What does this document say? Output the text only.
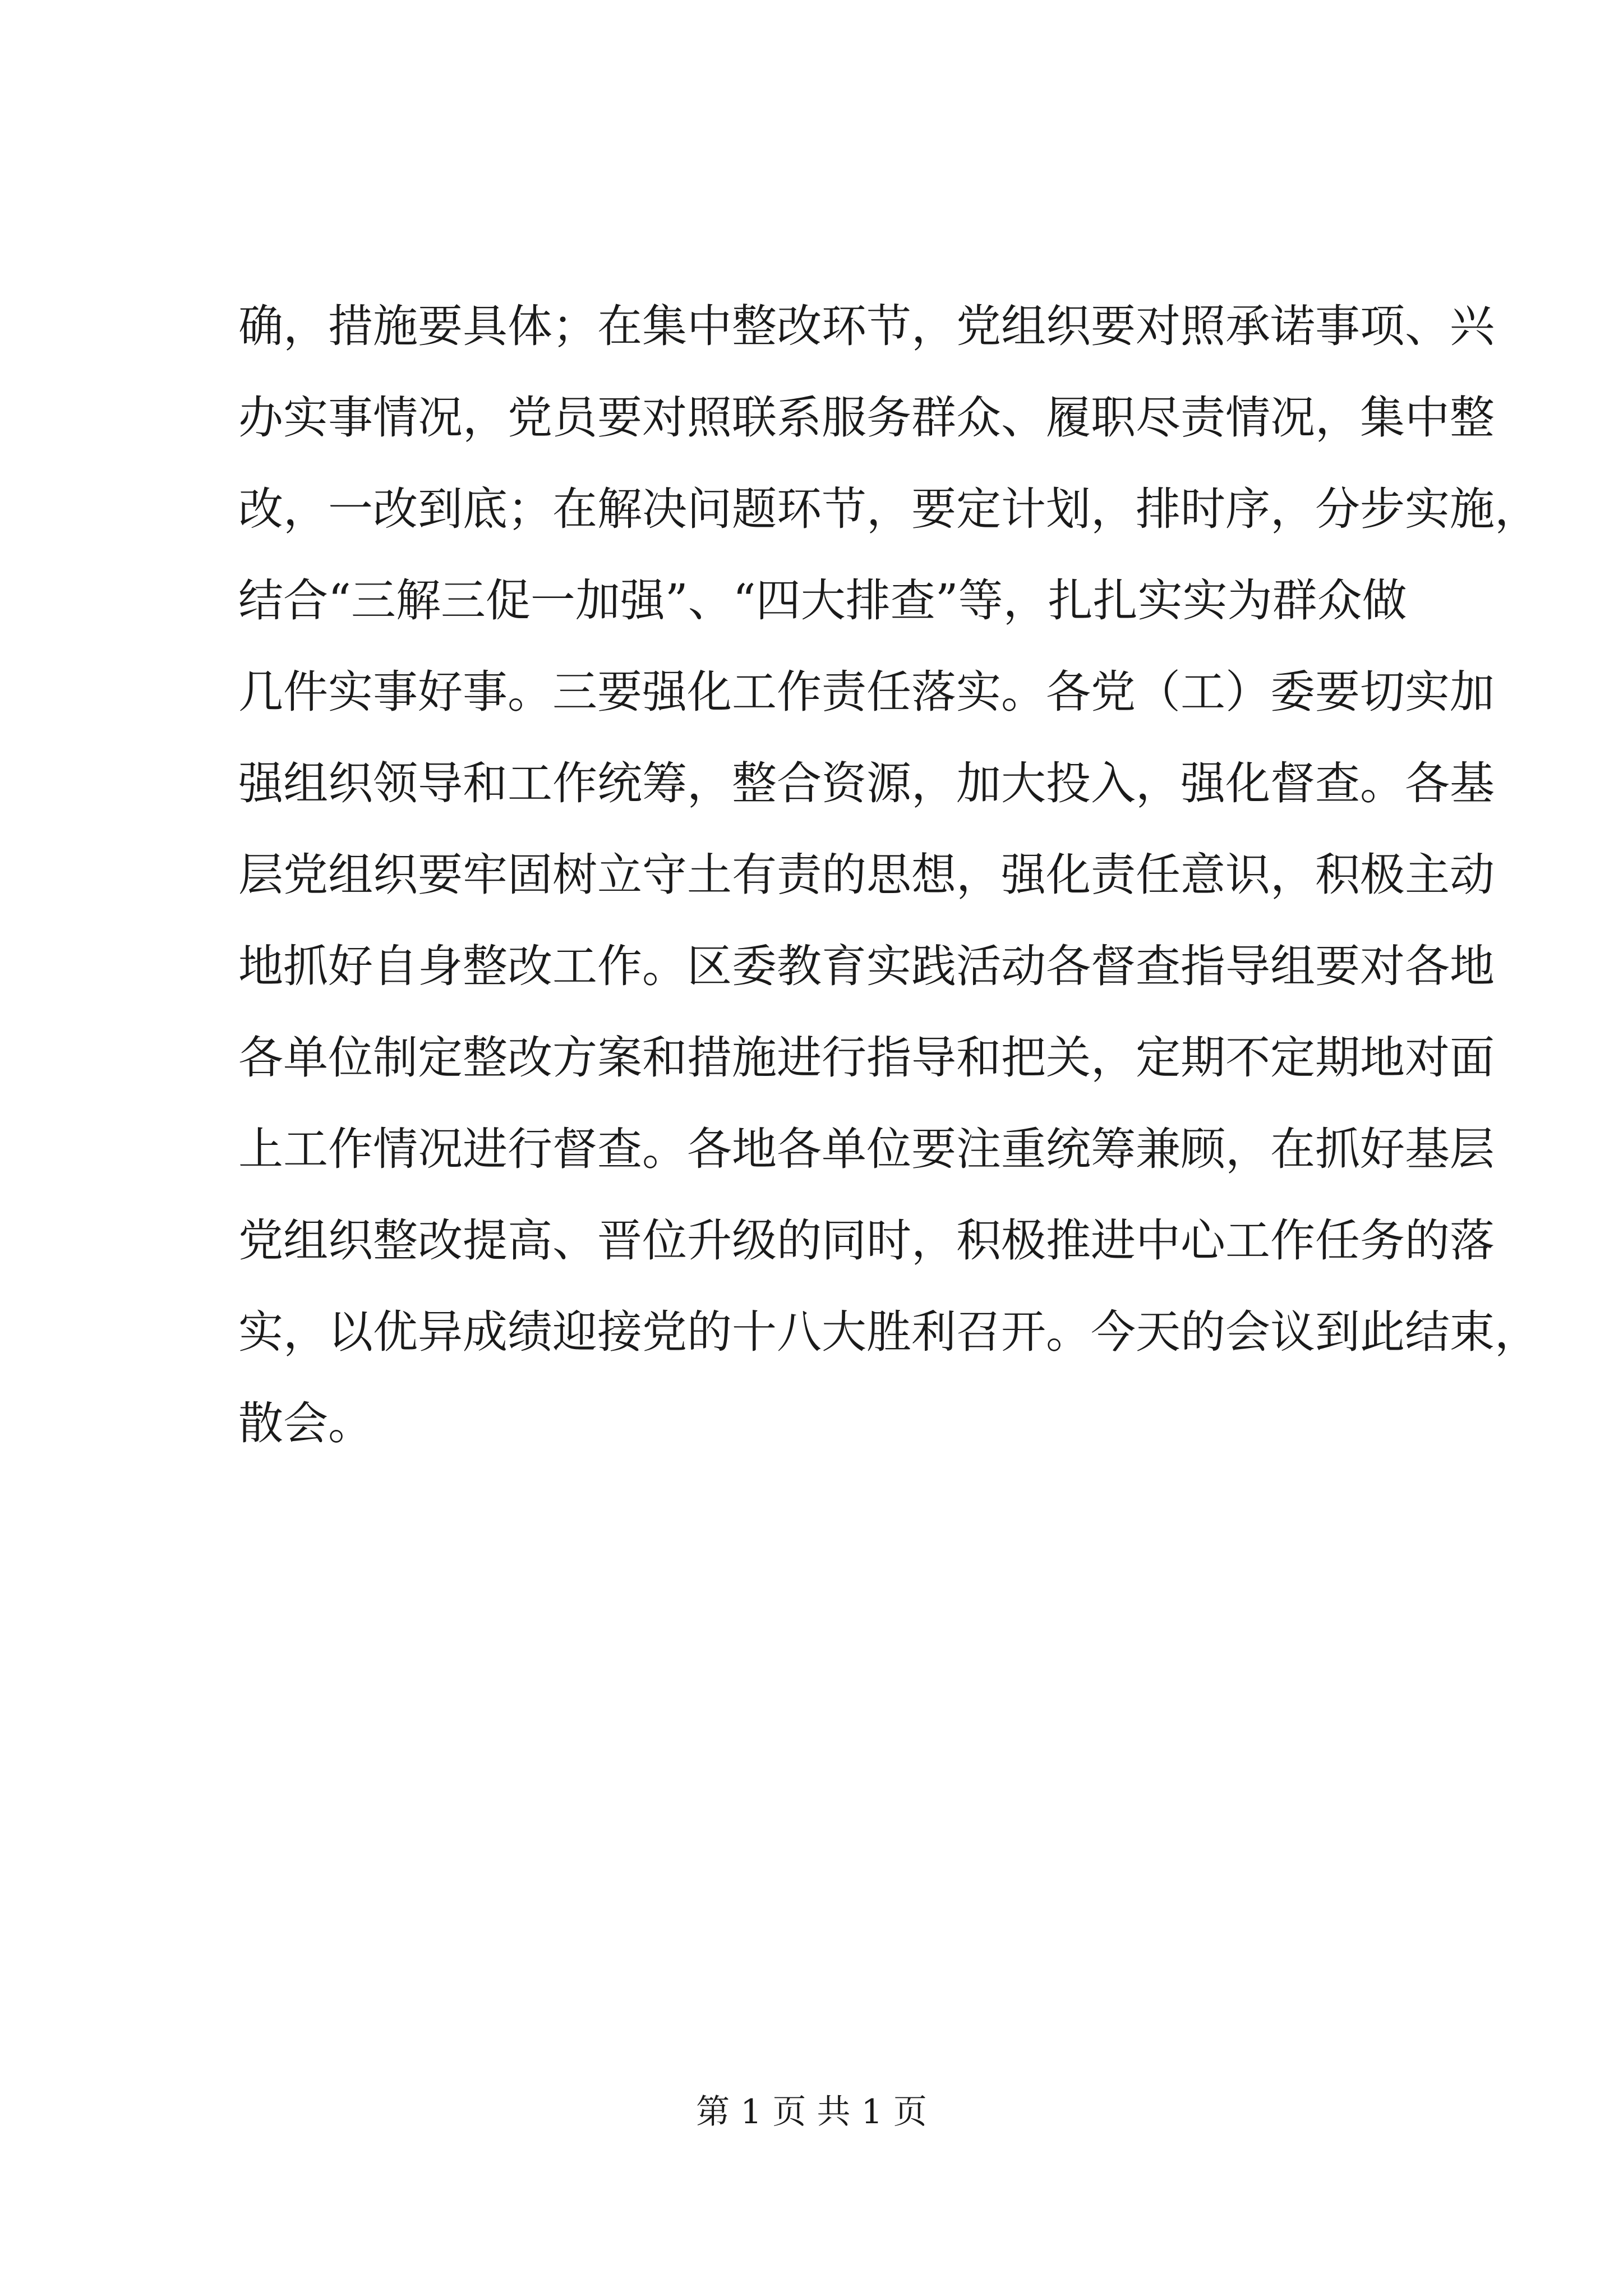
确，措施要具体；在集中整改环节，党组织要对照承诺事项、兴
办实事情况，党员要对照联系服务群众、履职尽责情况，集中整
改，一改到底；在解决问题环节，要定计划，排时序，分步实施，
结合“三解三促一加强”、“四大排查”等，扎扎实实为群众做
几件实事好事。三要强化工作责任落实。各党（工）委要切实加
强组织领导和工作统筹，整合资源，加大投入，强化督查。各基
层党组织要牢固树立守土有责的思想，强化责任意识，积极主动
地抓好自身整改工作。区委教育实践活动各督查指导组要对各地
各单位制定整改方案和措施进行指导和把关，定期不定期地对面
上工作情况进行督查。各地各单位要注重统筹兼顾，在抓好基层
党组织整改提高、晋位升级的同时，积极推进中心工作任务的落
实，以优异成绩迎接党的十八大胜利召开。今天的会议到此结束，
散会。
第 1 页 共 1 页
